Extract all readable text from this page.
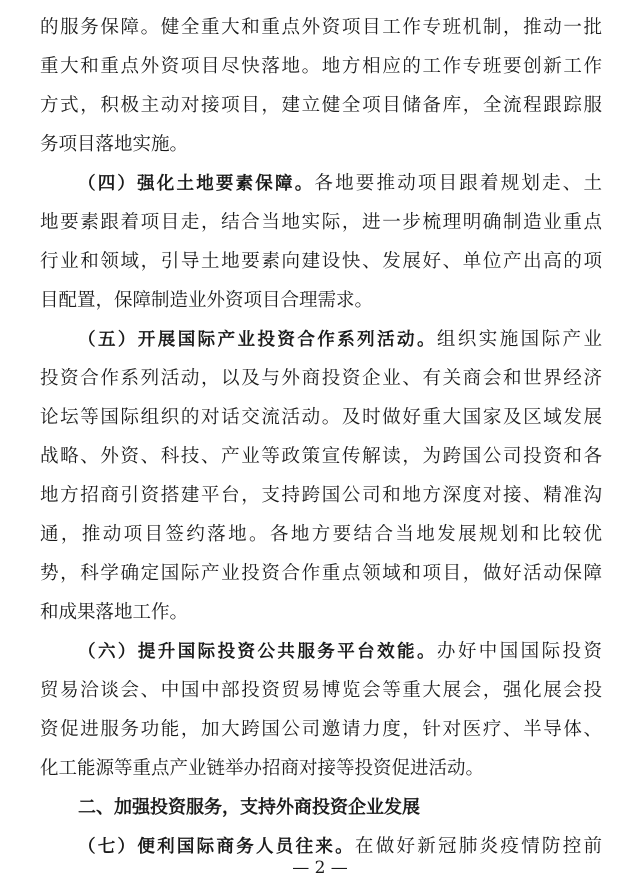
的服务保障。健全重大和重点外资项目工作专班机制，推动一批
重大和重点外资项目尽快落地。地方相应的工作专班要创新工作
方式，积极主动对接项目，建立健全项目储备库，全流程跟踪服
务项目落地实施。
（四）强化土地要素保障。各地要推动项目跟着规划走、土
地要素跟着项目走，结合当地实际，进一步梳理明确制造业重点
行业和领域，引导土地要素向建设快、发展好、单位产出高的项
目配置，保障制造业外资项目合理需求。
（五）开展国际产业投资合作系列活动。组织实施国际产业
投资合作系列活动，以及与外商投资企业、有关商会和世界经济
论坛等国际组织的对话交流活动。及时做好重大国家及区域发展
战略、外资、科技、产业等政策宣传解读，为跨国公司投资和各
地方招商引资搭建平台，支持跨国公司和地方深度对接、精准沟
通，推动项目签约落地。各地方要结合当地发展规划和比较优
势，科学确定国际产业投资合作重点领域和项目，做好活动保障
和成果落地工作。
（六）提升国际投资公共服务平台效能。办好中国国际投资
贸易洽谈会、中国中部投资贸易博览会等重大展会，强化展会投
资促进服务功能，加大跨国公司邀请力度，针对医疗、半导体、
化工能源等重点产业链举办招商对接等投资促进活动。
二、加强投资服务，支持外商投资企业发展
（七）便利国际商务人员往来。在做好新冠肺炎疫情防控前
— 2 —
